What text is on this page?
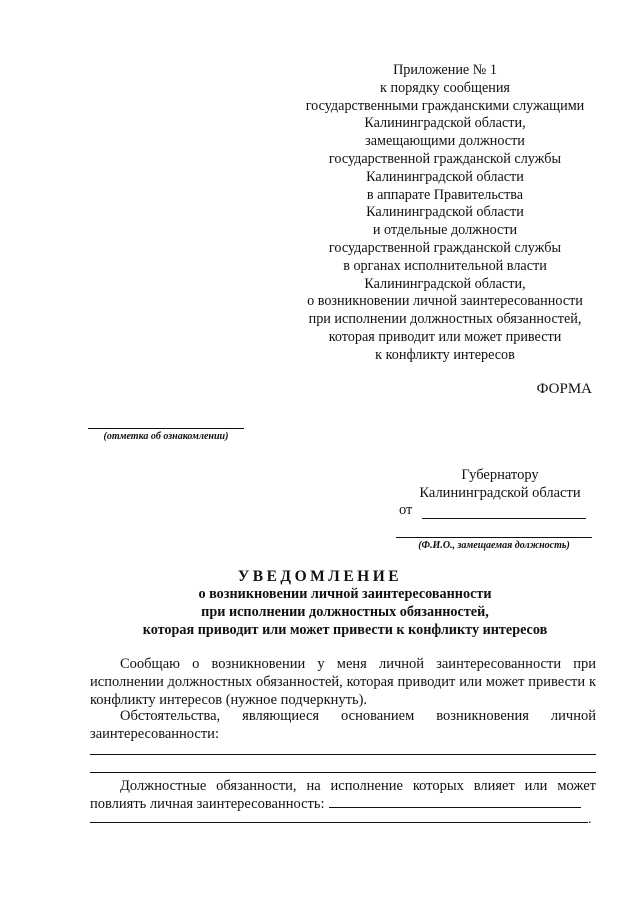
Приложение № 1
к порядку сообщения
государственными гражданскими служащими
Калининградской области,
замещающими должности
государственной гражданской службы
Калининградской области
в аппарате Правительства
Калининградской области
и отдельные должности
государственной гражданской службы
в органах исполнительной власти
Калининградской области,
о возникновении личной заинтересованности
при исполнении должностных обязанностей,
которая приводит или может привести
к конфликту интересов
ФОРМА
(отметка об ознакомлении)
Губернатору
Калининградской области
от
(Ф.И.О., замещаемая должность)
УВЕДОМЛЕНИЕ
о возникновении личной заинтересованности
при исполнении должностных обязанностей,
которая приводит или может привести к конфликту интересов
Сообщаю о возникновении у меня личной заинтересованности при исполнении должностных обязанностей, которая приводит или может привести к конфликту интересов (нужное подчеркнуть).
Обстоятельства, являющиеся основанием возникновения личной заинтересованности:
Должностные обязанности, на исполнение которых влияет или может повлиять личная заинтересованность:
.
